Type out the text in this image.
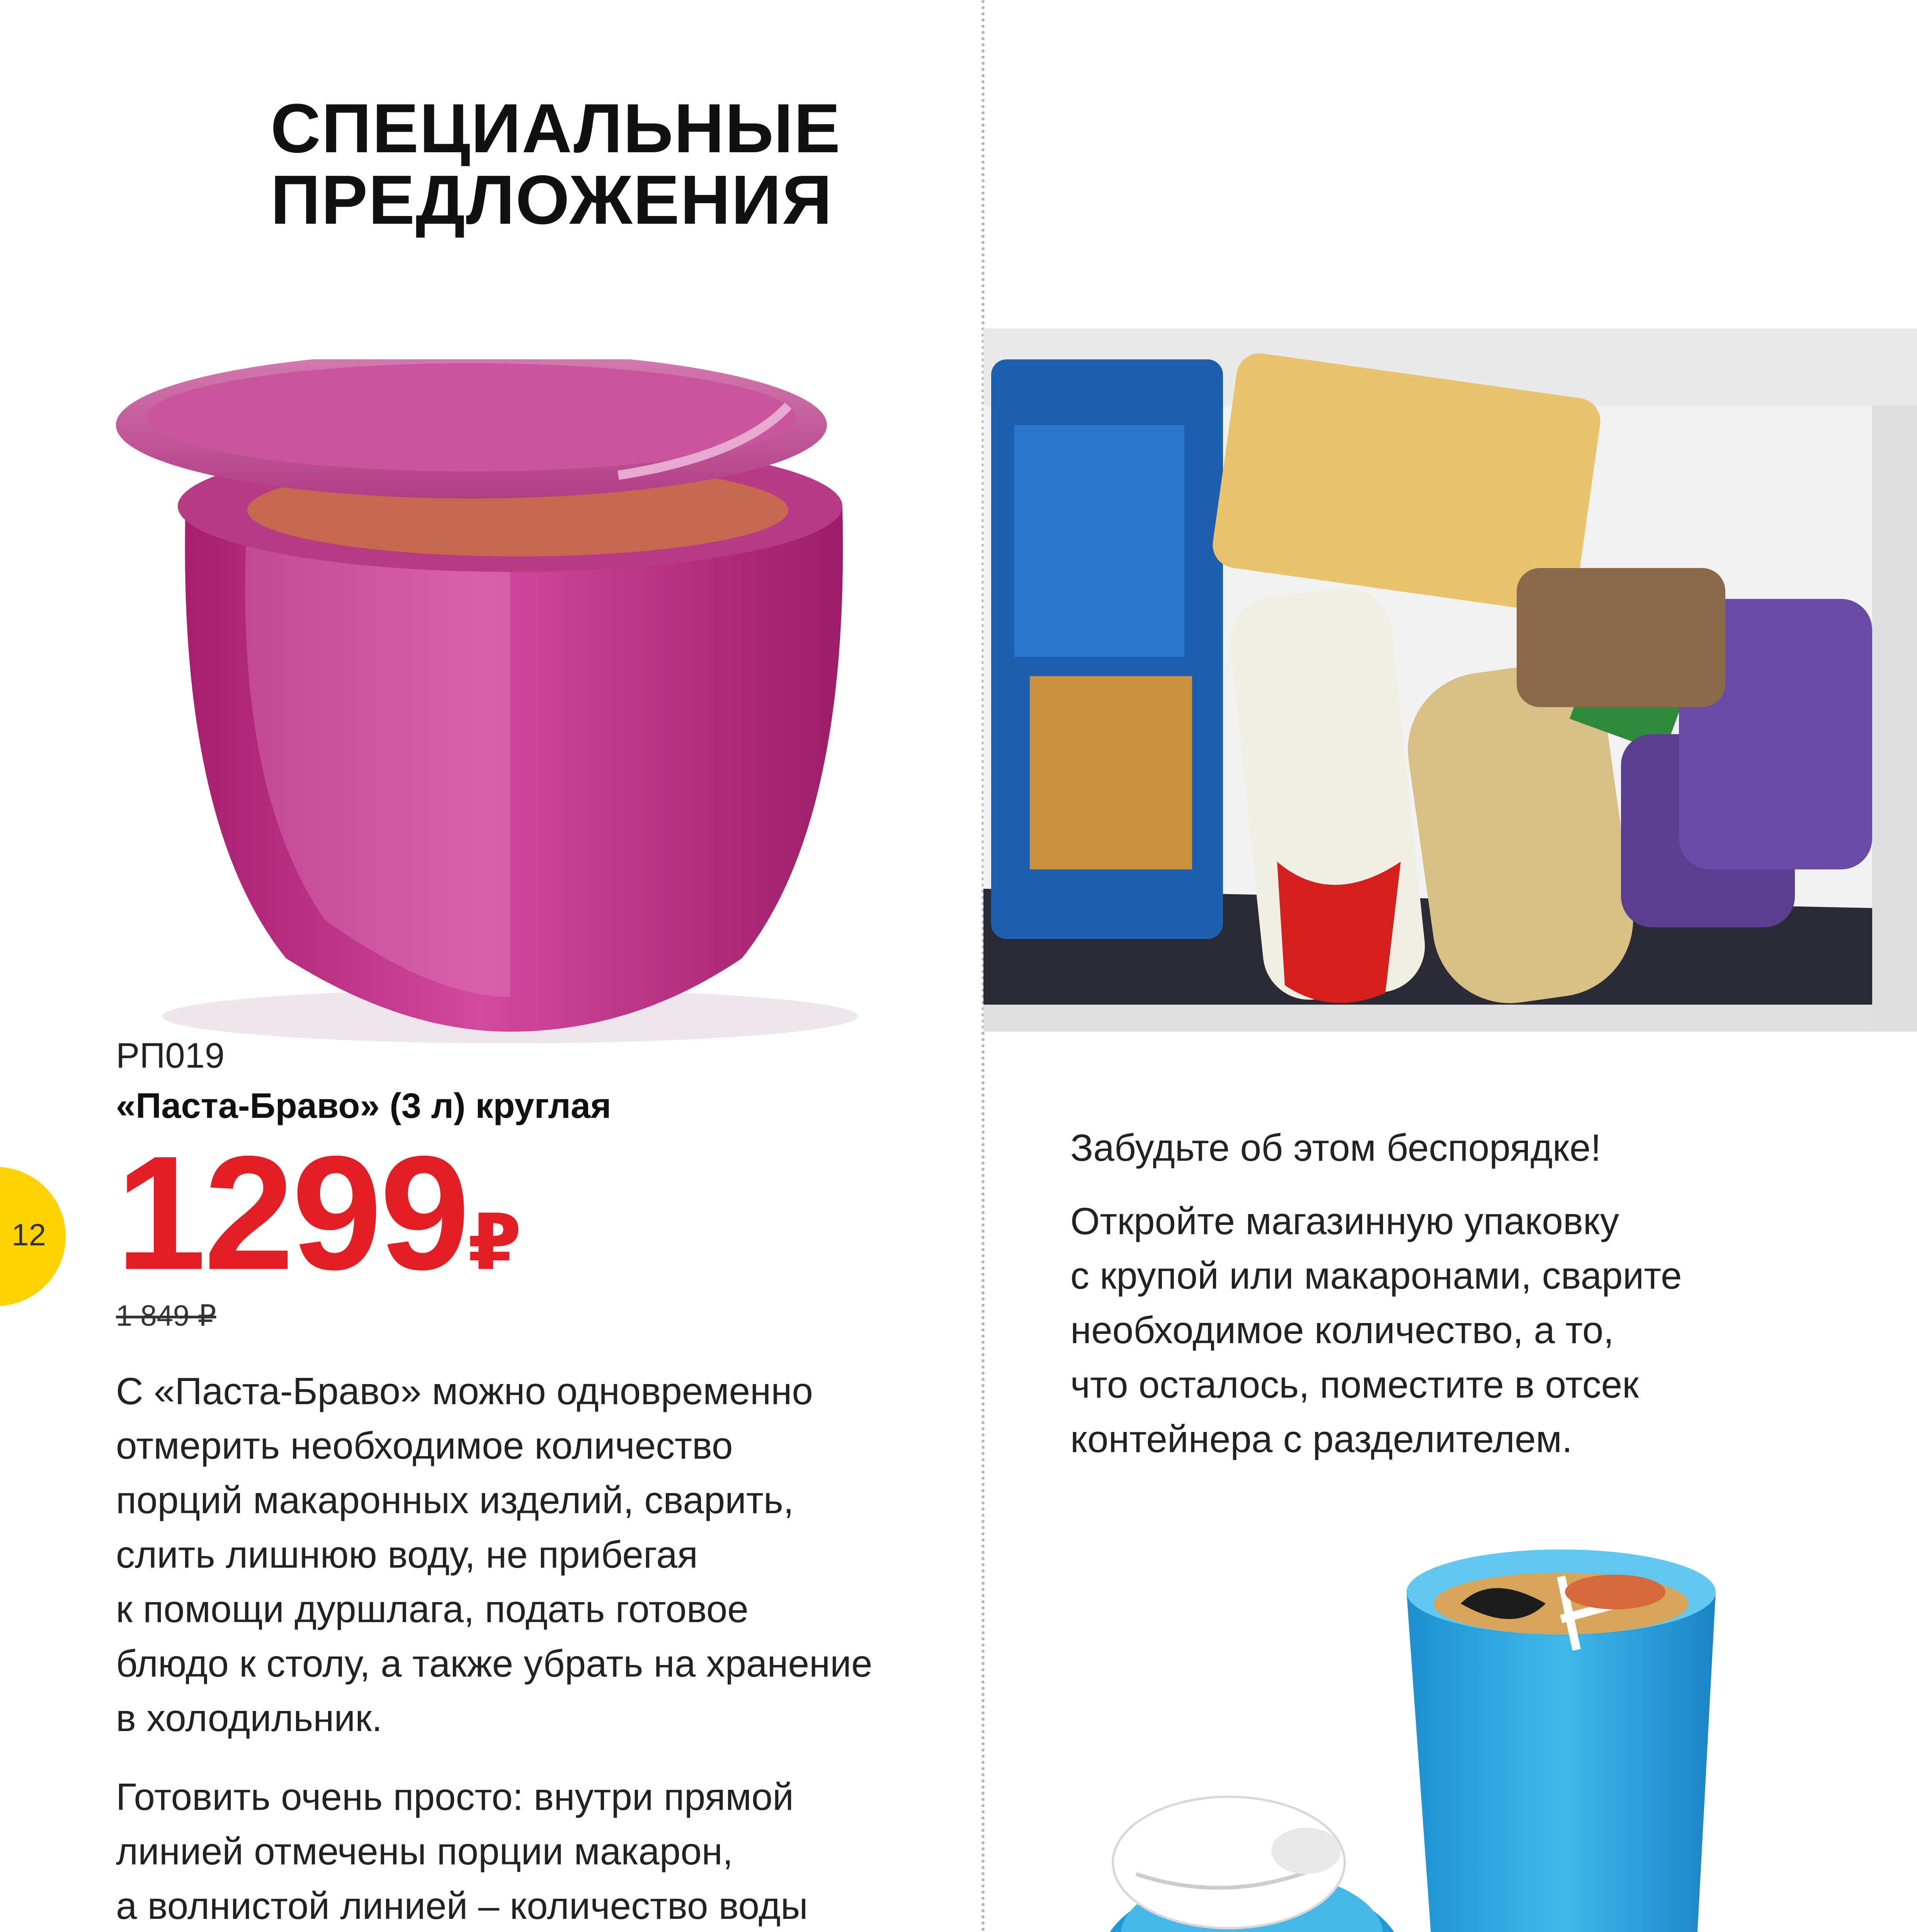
СПЕЦИАЛЬНЫЕ
ПРЕДЛОЖЕНИЯ
12
РП019
«Паста-Браво» (3 л) круглая
1299₽
1 849 ₽
С «Паста-Браво» можно одновременно
отмерить необходимое количество
порций макаронных изделий, сварить,
слить лишнюю воду, не прибегая
к помощи дуршлага, подать готовое
блюдо к столу, а также убрать на хранение
в холодильник.
Готовить очень просто: внутри прямой
линией отмечены порции макарон,
а волнистой линией – количество воды
Забудьте об этом беспорядке!
Откройте магазинную упаковку
с крупой или макаронами, сварите
необходимое количество, а то,
что осталось, поместите в отсек
контейнера с разделителем.
